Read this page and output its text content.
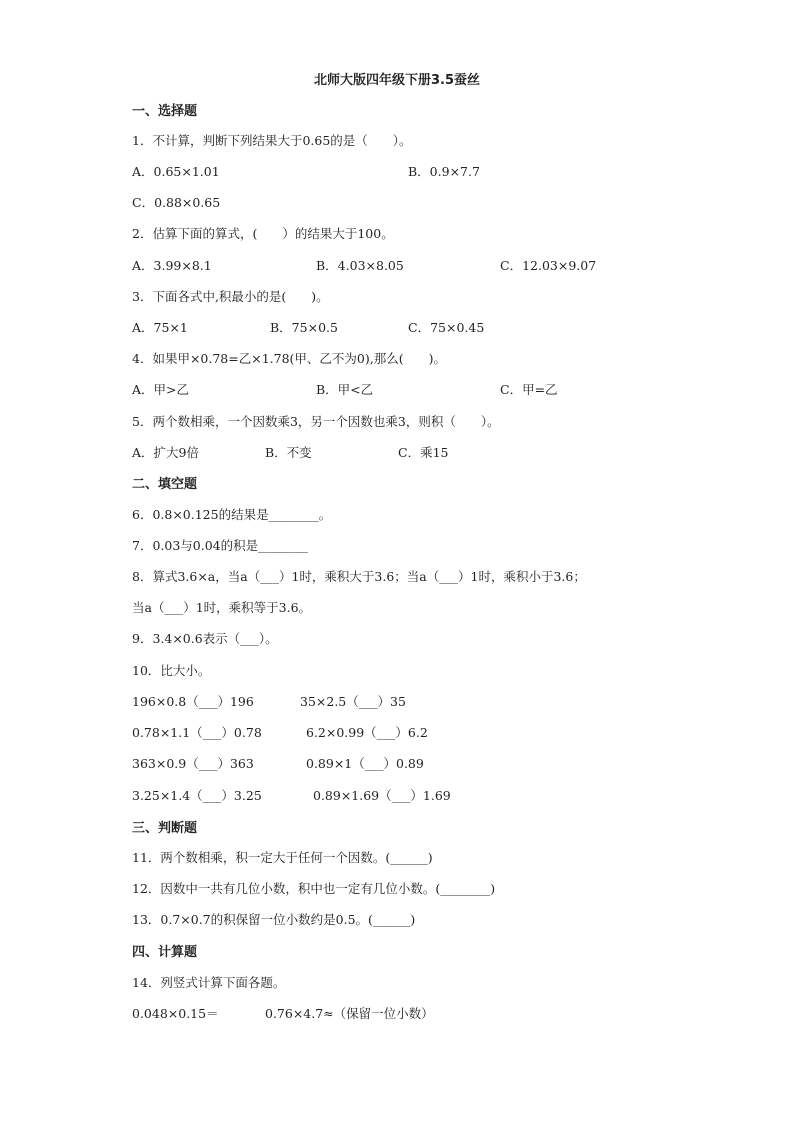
北师大版四年级下册3.5蚕丝
一、选择题
1．不计算，判断下列结果大于0.65的是（　　）。
A．0.65×1.01	B．0.9×7.7
C．0.88×0.65
2．估算下面的算式，(　　）的结果大于100。
A．3.99×8.1	B．4.03×8.05	C．12.03×9.07
3．下面各式中,积最小的是(　　)。
A．75×1	B．75×0.5	C．75×0.45
4．如果甲×0.78=乙×1.78(甲、乙不为0),那么(　　)。
A．甲>乙	B．甲<乙	C．甲=乙
5．两个数相乘，一个因数乘3，另一个因数也乘3，则积（　　）。
A．扩大9倍	B．不变	C．乘15
二、填空题
6．0.8×0.125的结果是________。
7．0.03与0.04的积是________
8．算式3.6×a，当a（___）1时，乘积大于3.6；当a（___）1时，乘积小于3.6；
当a（___）1时，乘积等于3.6。
9．3.4×0.6表示（___）。
10．比大小。
196×0.8（___）196	35×2.5（___）35
0.78×1.1（___）0.78	6.2×0.99（___）6.2
363×0.9（___）363	0.89×1（___）0.89
3.25×1.4（___）3.25	0.89×1.69（___）1.69
三、判断题
11．两个数相乘，积一定大于任何一个因数。(______)
12．因数中一共有几位小数，积中也一定有几位小数。(________)
13．0.7×0.7的积保留一位小数约是0.5。(______)
四、计算题
14．列竖式计算下面各题。
0.048×0.15＝	0.76×4.7≈（保留一位小数）
